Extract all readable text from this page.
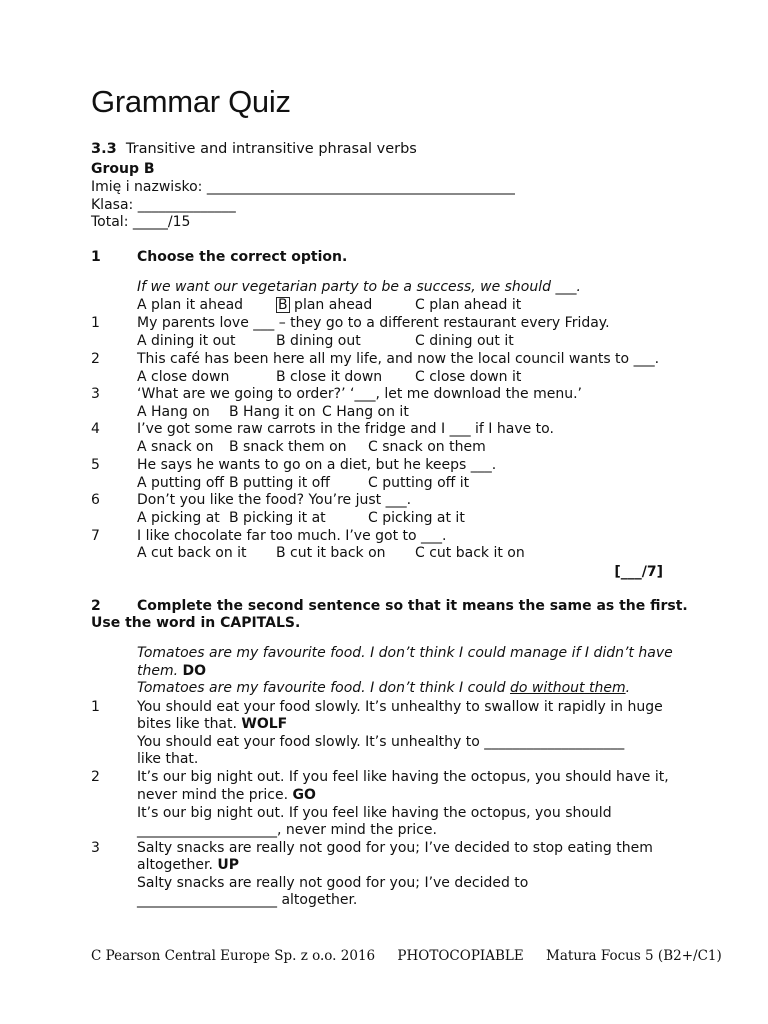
Grammar Quiz
3.3 Transitive and intransitive phrasal verbs
Group B
Imię i nazwisko: ____________________________________________
Klasa: ______________
Total: _____/15
1	Choose the correct option.
If we want our vegetarian party to be a success, we should ___.
A plan it ahead B plan ahead	C plan ahead it
1	My parents love ___ – they go to a different restaurant every Friday.
A dining it out	B dining out	C dining out it
2	This café has been here all my life, and now the local council wants to ___.
A close down	B close it down C close down it
3	‘What are we going to order?’ ‘___, let me download the menu.’
A Hang on B Hang it on C Hang on it
4	I’ve got some raw carrots in the fridge and I ___ if I have to.
A snack on B snack them on C snack on them
5	He says he wants to go on a diet, but he keeps ___.
A putting off B putting it off	C putting off it
6	Don’t you like the food? You’re just ___.
A picking at B picking it at	C picking at it
7	I like chocolate far too much. I’ve got to ___.
A cut back on it B cut it back on C cut back it on
[___/7]
2	Complete the second sentence so that it means the same as the first.
Use the word in CAPITALS.
Tomatoes are my favourite food. I don’t think I could manage if I didn’t have
them. DO
Tomatoes are my favourite food. I don’t think I could do without them.
1	You should eat your food slowly. It’s unhealthy to swallow it rapidly in huge
bites like that. WOLF
You should eat your food slowly. It’s unhealthy to ____________________
like that.
2	It’s our big night out. If you feel like having the octopus, you should have it,
never mind the price. GO
It’s our big night out. If you feel like having the octopus, you should
____________________, never mind the price.
3	Salty snacks are really not good for you; I’ve decided to stop eating them
altogether. UP
Salty snacks are really not good for you; I’ve decided to
____________________ altogether.
C Pearson Central Europe Sp. z o.o. 2016 PHOTOCOPIABLE Matura Focus 5 (B2+/C1)
